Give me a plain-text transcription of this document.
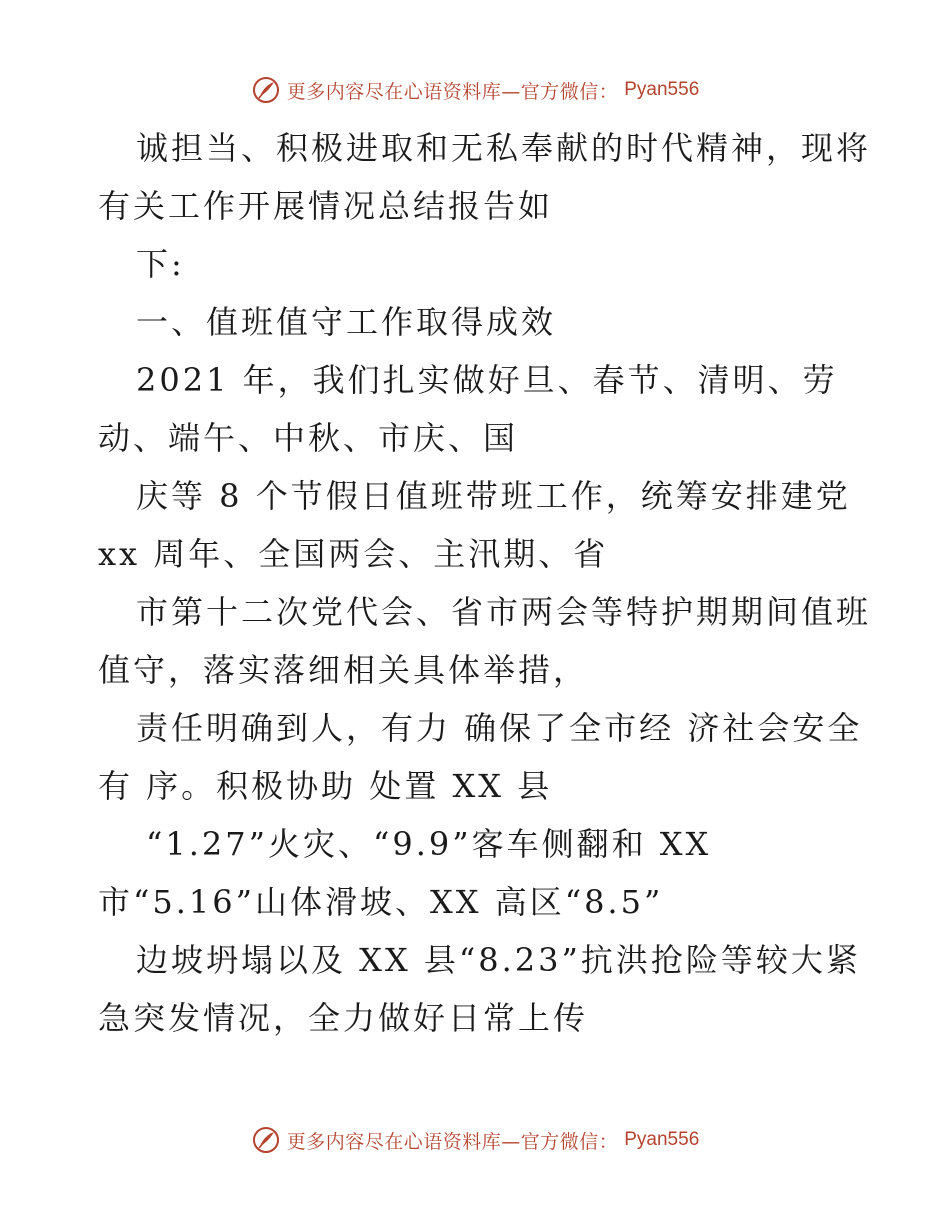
更多内容尽在心语资料库—官方微信： Pyan556
诚担当、积极进取和无私奉献的时代精神，现将
有关工作开展情况总结报告如
下:
一、值班值守工作取得成效
2021 年，我们扎实做好旦、春节、清明、劳
动、端午、中秋、市庆、国
庆等 8 个节假日值班带班工作，统筹安排建党
xx 周年、全国两会、主汛期、省
市第十二次党代会、省市两会等特护期期间值班
值守，落实落细相关具体举措，
责任明确到人，有力 确保了全市经 济社会安全
有 序。积极协助 处置 XX 县
“1.27”火灾、“9.9”客车侧翻和 XX
市“5.16”山体滑坡、XX 高区“8.5”
边坡坍塌以及 XX 县“8.23”抗洪抢险等较大紧
急突发情况，全力做好日常上传
更多内容尽在心语资料库—官方微信： Pyan556
